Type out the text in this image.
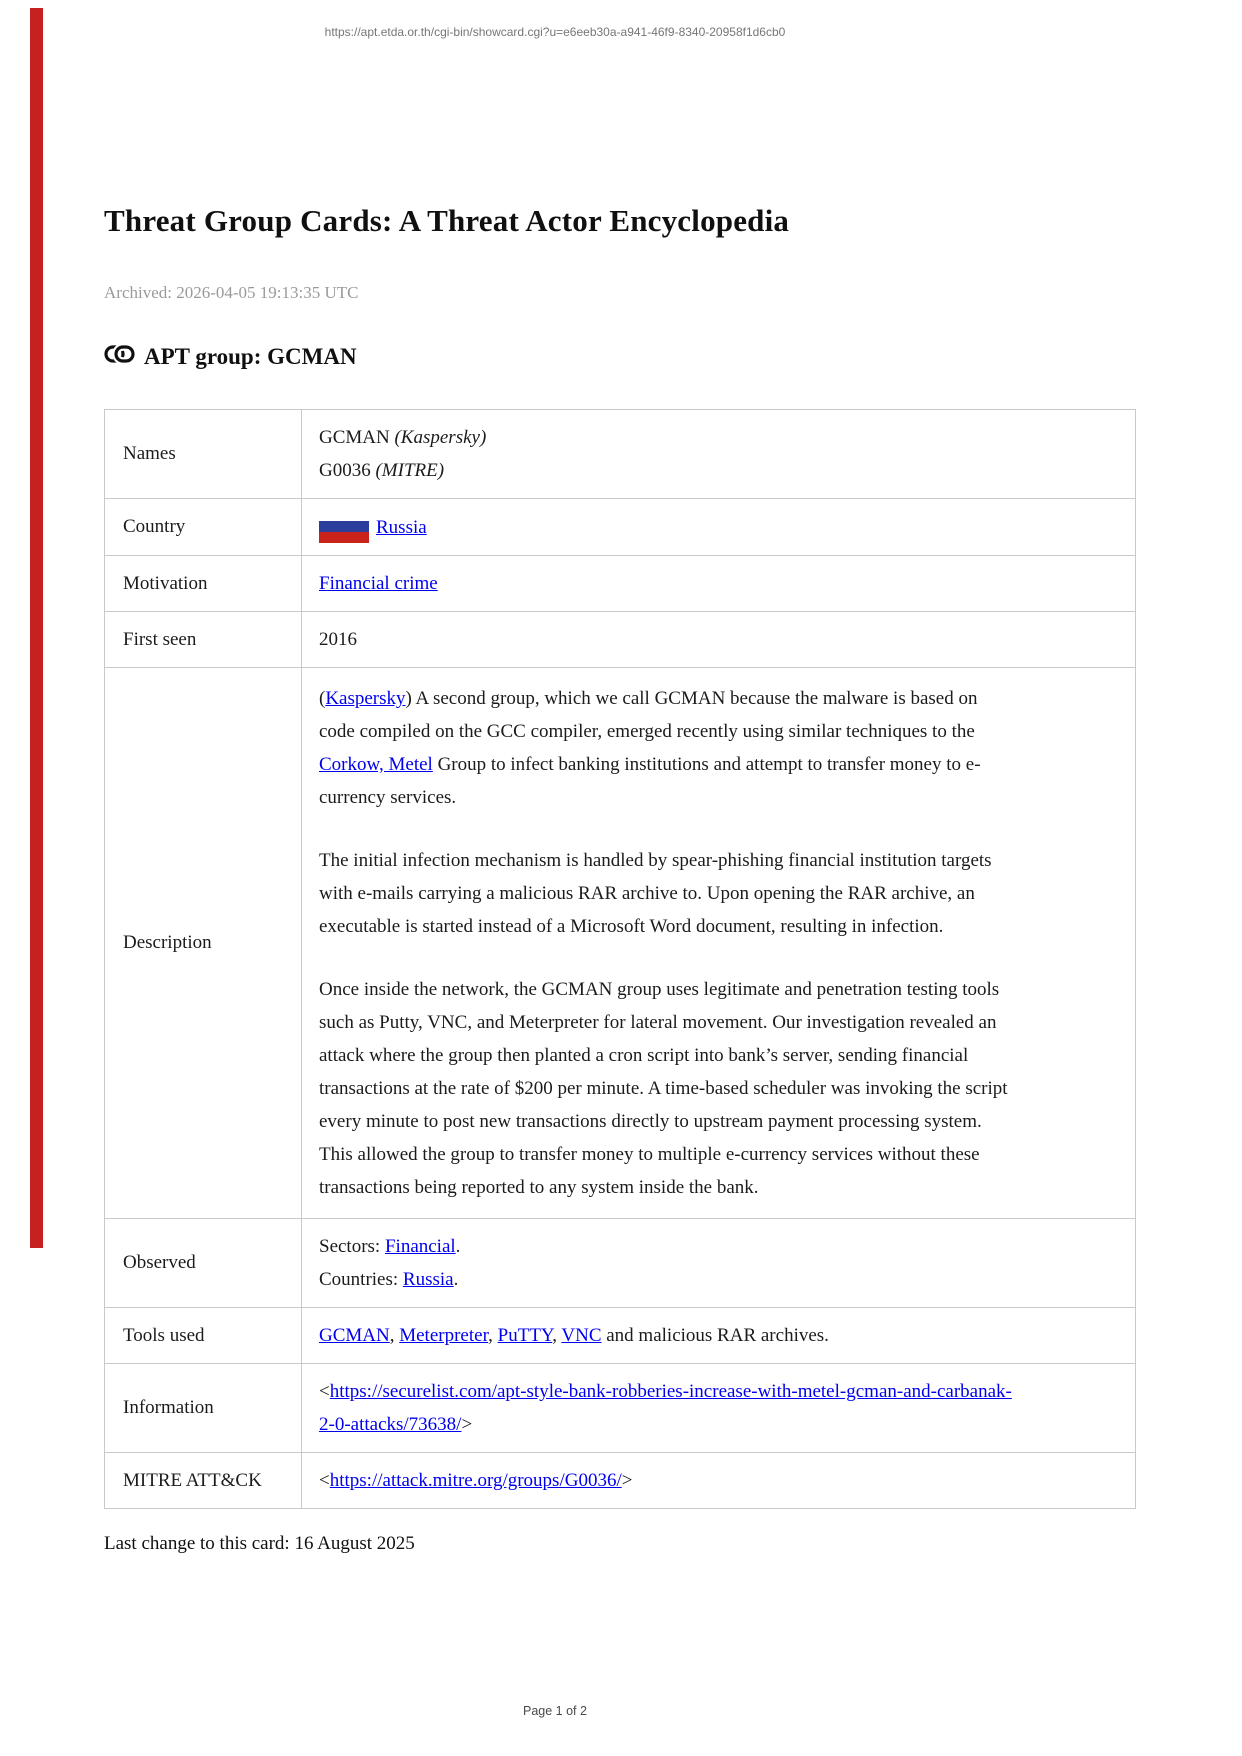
https://apt.etda.or.th/cgi-bin/showcard.cgi?u=e6eeb30a-a941-46f9-8340-20958f1d6cb0
Threat Group Cards: A Threat Actor Encyclopedia
Archived: 2026-04-05 19:13:35 UTC
APT group: GCMAN
Names	GCMAN (Kaspersky)
G0036 (MITRE)

Country	Russia
Motivation	Financial crime
First seen	2016
Description	(Kaspersky) A second group, which we call GCMAN because the malware is based on code compiled on the GCC compiler, emerged recently using similar techniques to the Corkow, Metel Group to infect banking institutions and attempt to transfer money to e-currency services.

The initial infection mechanism is handled by spear-phishing financial institution targets with e-mails carrying a malicious RAR archive to. Upon opening the RAR archive, an executable is started instead of a Microsoft Word document, resulting in infection.

Once inside the network, the GCMAN group uses legitimate and penetration testing tools such as Putty, VNC, and Meterpreter for lateral movement. Our investigation revealed an attack where the group then planted a cron script into bank’s server, sending financial transactions at the rate of $200 per minute. A time-based scheduler was invoking the script every minute to post new transactions directly to upstream payment processing system. This allowed the group to transfer money to multiple e-currency services without these transactions being reported to any system inside the bank.

Observed	Sectors: Financial.
Countries: Russia.

Tools used	GCMAN, Meterpreter, PuTTY, VNC and malicious RAR archives.
Information	<https://securelist.com/apt-style-bank-robberies-increase-with-metel-gcman-and-carbanak-2-0-attacks/73638/>
MITRE ATT&CK	<https://attack.mitre.org/groups/G0036/>
Last change to this card: 16 August 2025
Page 1 of 2
